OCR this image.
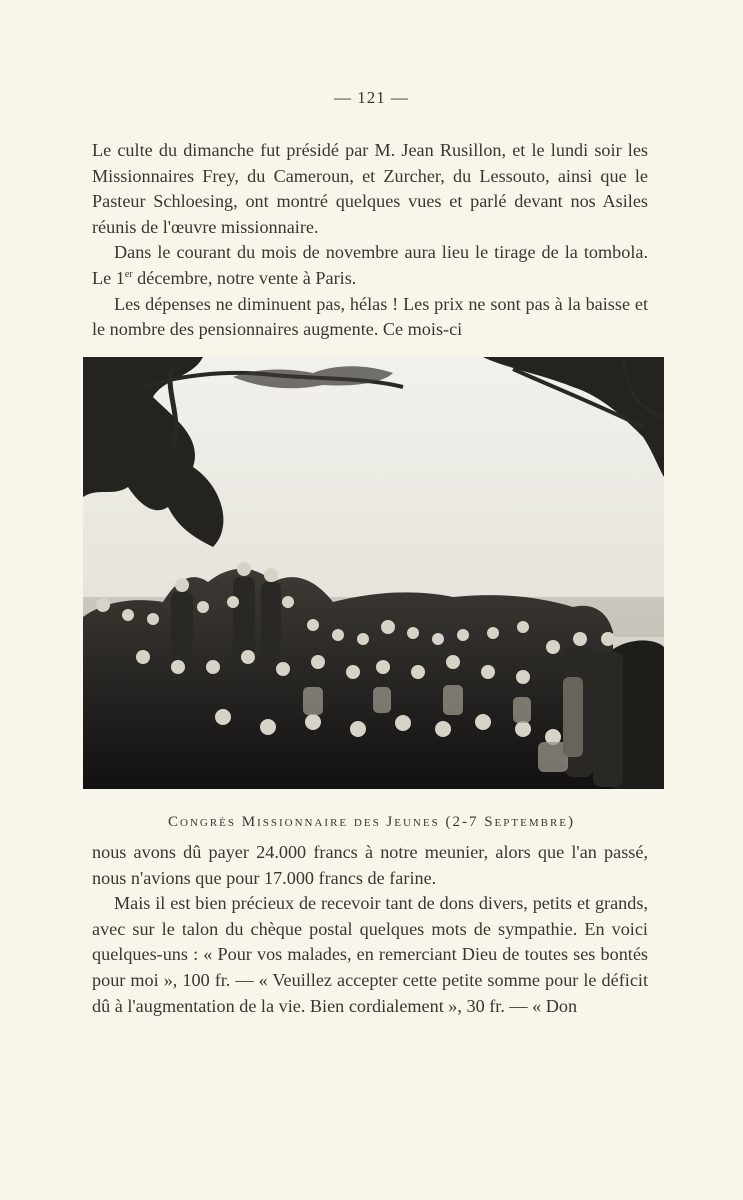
— 121 —

Le culte du dimanche fut présidé par M. Jean Rusillon, et le lundi soir les Missionnaires Frey, du Cameroun, et Zurcher, du Lessouto, ainsi que le Pasteur Schloesing, ont montré quelques vues et parlé devant nos Asiles réunis de l'œuvre missionnaire.

Dans le courant du mois de novembre aura lieu le tirage de la tombola. Le 1er décembre, notre vente à Paris.

Les dépenses ne diminuent pas, hélas ! Les prix ne sont pas à la baisse et le nombre des pensionnaires augmente. Ce mois-ci

Congrès Missionnaire des Jeunes (2-7 Septembre)

nous avons dû payer 24.000 francs à notre meunier, alors que l'an passé, nous n'avions que pour 17.000 francs de farine.

Mais il est bien précieux de recevoir tant de dons divers, petits et grands, avec sur le talon du chèque postal quelques mots de sympathie. En voici quelques-uns : « Pour vos malades, en remerciant Dieu de toutes ses bontés pour moi », 100 fr. — « Veuillez accepter cette petite somme pour le déficit dû à l'augmentation de la vie. Bien cordialement », 30 fr. — « Don
